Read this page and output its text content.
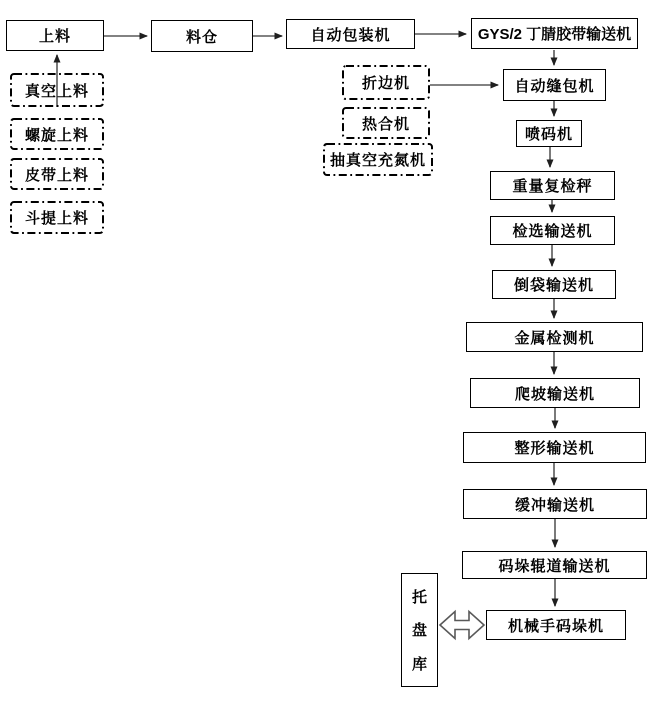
上料	料仓	自动包装机	GYS/2 丁腈胶带输送机
真空上料
螺旋上料
皮带上料
斗提上料
折边机
热合机
抽真空充氮机
自动缝包机
喷码机
重量复检秤
检选输送机
倒袋输送机
金属检测机
爬坡输送机
整形输送机
缓冲输送机
码垛辊道输送机
机械手码垛机
托
盘
库
